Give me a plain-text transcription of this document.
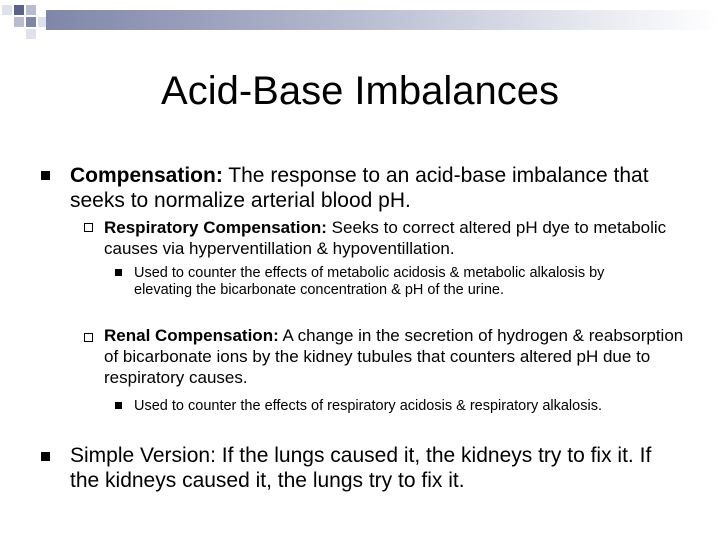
Acid-Base Imbalances
Compensation: The response to an acid-base imbalance that seeks to normalize arterial blood pH.
Respiratory Compensation: Seeks to correct altered pH dye to metabolic causes via hyperventillation & hypoventillation.
Used to counter the effects of metabolic acidosis & metabolic alkalosis by elevating the bicarbonate concentration & pH of the urine.
Renal Compensation: A change in the secretion of hydrogen & reabsorption of bicarbonate ions by the kidney tubules that counters altered pH due to respiratory causes.
Used to counter the effects of respiratory acidosis & respiratory alkalosis.
Simple Version: If the lungs caused it, the kidneys try to fix it. If the kidneys caused it, the lungs try to fix it.
